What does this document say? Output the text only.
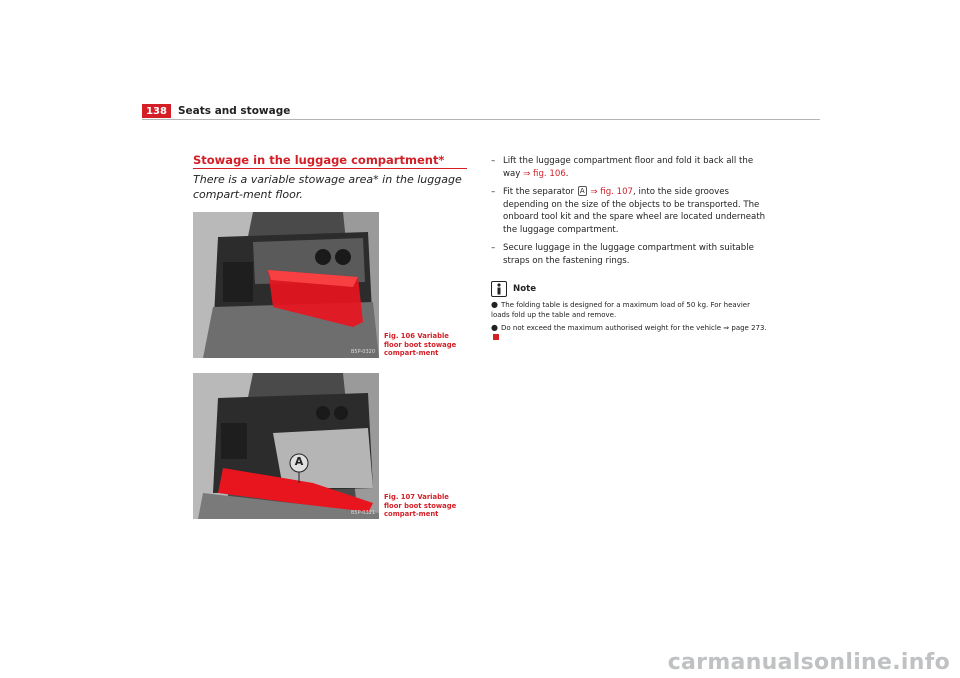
138 Seats and stowage
Stowage in the luggage compartment*
There is a variable stowage area* in the luggage compart-ment floor.
B5P-0320
Fig. 106 Variable floor boot stowage compart-ment
A
B5P-0321
Fig. 107 Variable floor boot stowage compart-ment
– Lift the luggage compartment floor and fold it back all the way ⇒ fig. 106.
– Fit the separator A ⇒ fig. 107, into the side grooves depending on the size of the objects to be transported. The onboard tool kit and the spare wheel are located underneath the luggage compartment.
– Secure luggage in the luggage compartment with suitable straps on the fastening rings.
Note
● The folding table is designed for a maximum load of 50 kg. For heavier loads fold up the table and remove.
● Do not exceed the maximum authorised weight for the vehicle ⇒ page 273.
carmanualsonline.info
